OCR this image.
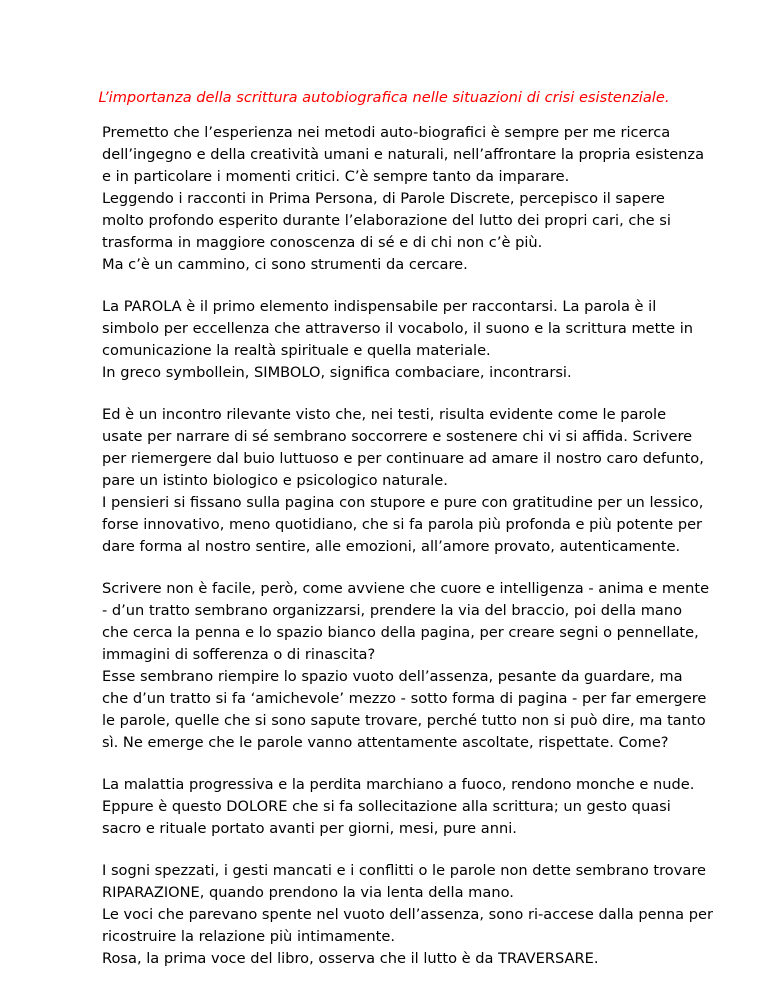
L’importanza della scrittura autobiografica nelle situazioni di crisi esistenziale.
Premetto che l’esperienza nei metodi auto-biografici è sempre per me ricerca
dell’ingegno e della creatività umani e naturali, nell’affrontare la propria esistenza
e in particolare i momenti critici. C’è sempre tanto da imparare.
Leggendo i racconti in Prima Persona, di Parole Discrete, percepisco il sapere
molto profondo esperito durante l’elaborazione del lutto dei propri cari, che si
trasforma in maggiore conoscenza di sé e di chi non c’è più.
Ma c’è un cammino, ci sono strumenti da cercare.
La PAROLA è il primo elemento indispensabile per raccontarsi. La parola è il
simbolo per eccellenza che attraverso il vocabolo, il suono e la scrittura mette in
comunicazione la realtà spirituale e quella materiale.
In greco symbollein, SIMBOLO, significa combaciare, incontrarsi.
Ed è un incontro rilevante visto che, nei testi, risulta evidente come le parole
usate per narrare di sé sembrano soccorrere e sostenere chi vi si affida. Scrivere
per riemergere dal buio luttuoso e per continuare ad amare il nostro caro defunto,
pare un istinto biologico e psicologico naturale.
I pensieri si fissano sulla pagina con stupore e pure con gratitudine per un lessico,
forse innovativo, meno quotidiano, che si fa parola più profonda e più potente per
dare forma al nostro sentire, alle emozioni, all’amore provato, autenticamente.
Scrivere non è facile, però, come avviene che cuore e intelligenza - anima e mente
- d’un tratto sembrano organizzarsi, prendere la via del braccio, poi della mano
che cerca la penna e lo spazio bianco della pagina, per creare segni o pennellate,
immagini di sofferenza o di rinascita?
Esse sembrano riempire lo spazio vuoto dell’assenza, pesante da guardare, ma
che d’un tratto si fa ‘amichevole’ mezzo - sotto forma di pagina - per far emergere
le parole, quelle che si sono sapute trovare, perché tutto non si può dire, ma tanto
sì. Ne emerge che le parole vanno attentamente ascoltate, rispettate. Come?
La malattia progressiva e la perdita marchiano a fuoco, rendono monche e nude.
Eppure è questo DOLORE che si fa sollecitazione alla scrittura; un gesto quasi
sacro e rituale portato avanti per giorni, mesi, pure anni.
I sogni spezzati, i gesti mancati e i conflitti o le parole non dette sembrano trovare
RIPARAZIONE, quando prendono la via lenta della mano.
Le voci che parevano spente nel vuoto dell’assenza, sono ri-accese dalla penna per
ricostruire la relazione più intimamente.
Rosa, la prima voce del libro, osserva che il lutto è da TRAVERSARE.
